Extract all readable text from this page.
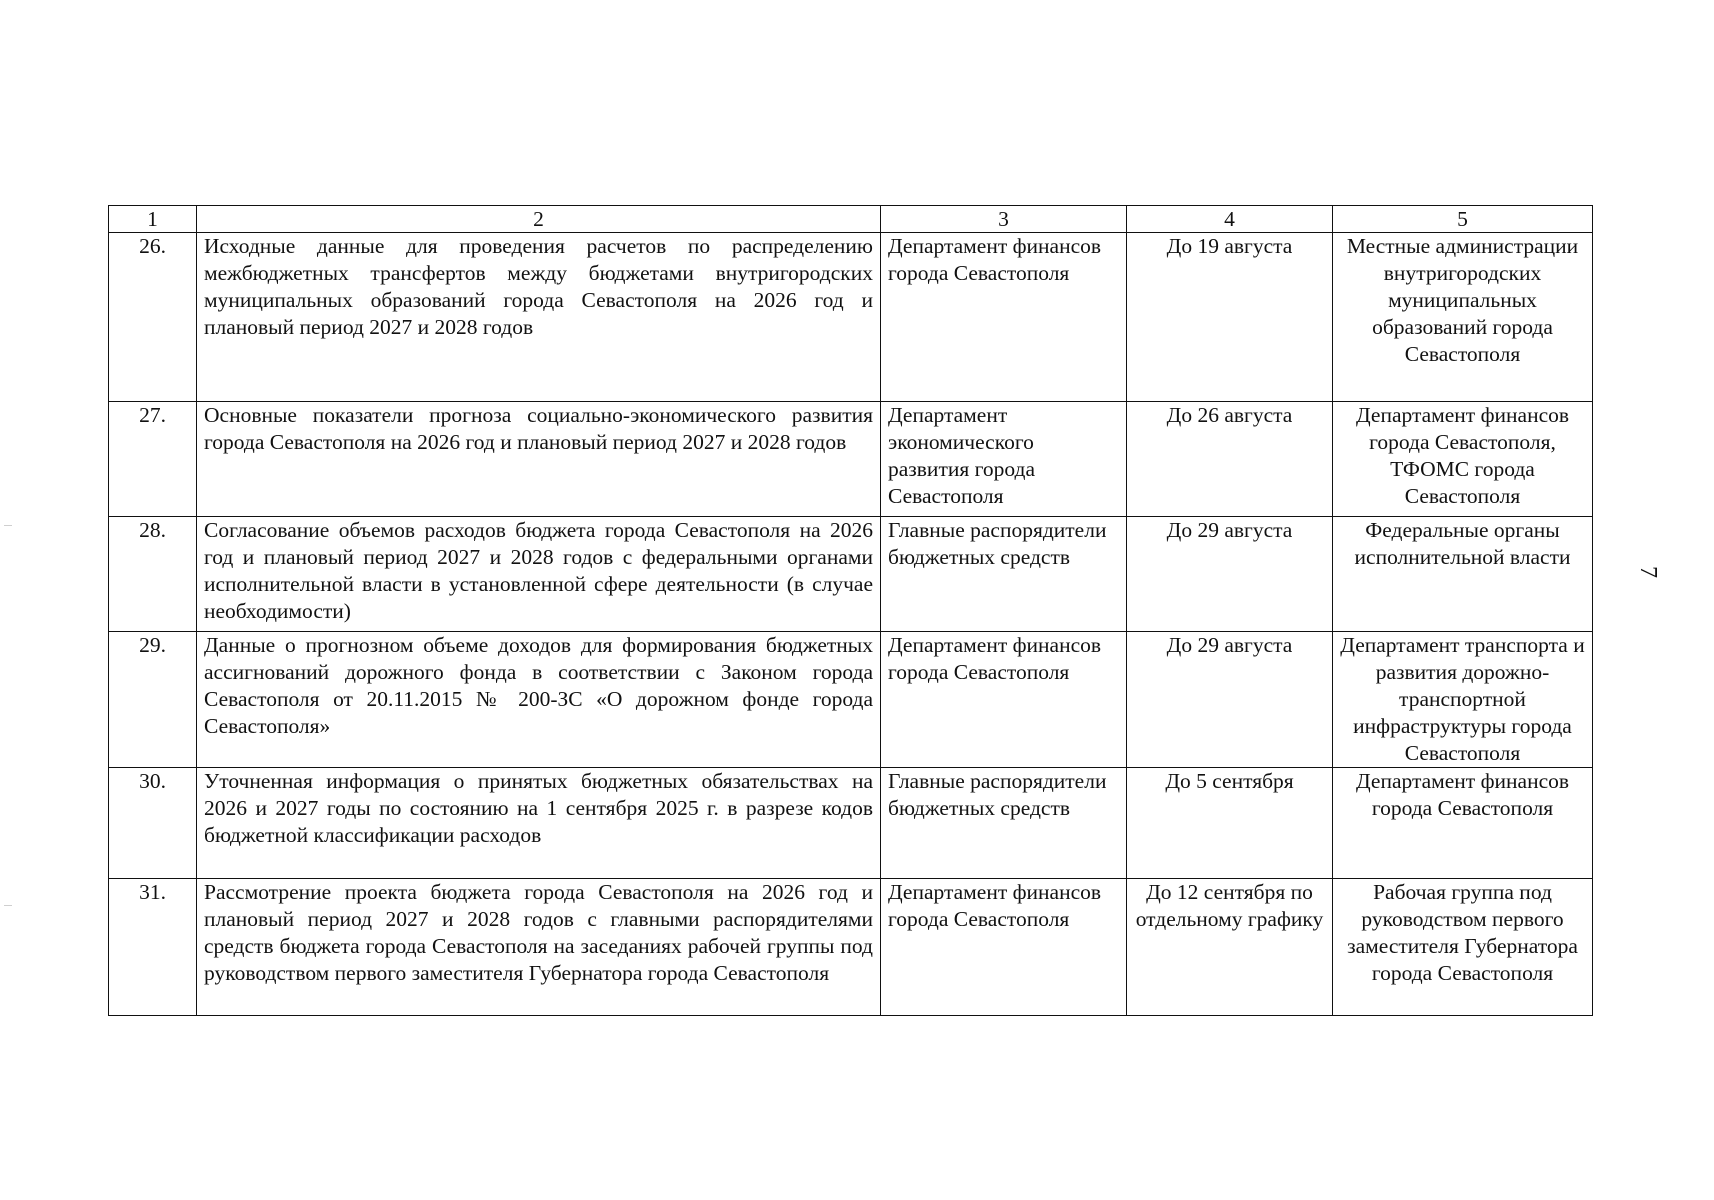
1	2	3	4	5
26.	Исходные данные для проведения расчетов по распределению межбюджетных трансфертов между бюджетами внутригородских муниципальных образований города Севастополя на 2026 год и плановый период 2027 и 2028 годов	Департамент финансов города Севастополя	До 19 августа	Местные администрации внутригородских муниципальных образований города Севастополя
27.	Основные показатели прогноза социально-экономического развития города Севастополя на 2026 год и плановый период 2027 и 2028 годов	Департамент экономического развития города Севастополя	До 26 августа	Департамент финансов города Севастополя, ТФОМС города Севастополя
28.	Согласование объемов расходов бюджета города Севастополя на 2026 год и плановый период 2027 и 2028 годов с федеральными органами исполнительной власти в установленной сфере деятельности (в случае необходимости)	Главные распорядители бюджетных средств	До 29 августа	Федеральные органы исполнительной власти
29.	Данные о прогнозном объеме доходов для формирования бюджетных ассигнований дорожного фонда в соответствии с Законом города Севастополя от 20.11.2015 № 200-ЗС «О дорожном фонде города Севастополя»	Департамент финансов города Севастополя	До 29 августа	Департамент транспорта и развития дорожно-транспортной инфраструктуры города Севастополя
30.	Уточненная информация о принятых бюджетных обязательствах на 2026 и 2027 годы по состоянию на 1 сентября 2025 г. в разрезе кодов бюджетной классификации расходов	Главные распорядители бюджетных средств	До 5 сентября	Департамент финансов города Севастополя
31.	Рассмотрение проекта бюджета города Севастополя на 2026 год и плановый период 2027 и 2028 годов с главными распорядителями средств бюджета города Севастополя на заседаниях рабочей группы под руководством первого заместителя Губернатора города Севастополя	Департамент финансов города Севастополя	До 12 сентября по отдельному графику	Рабочая группа под руководством первого заместителя Губернатора города Севастополя
7
